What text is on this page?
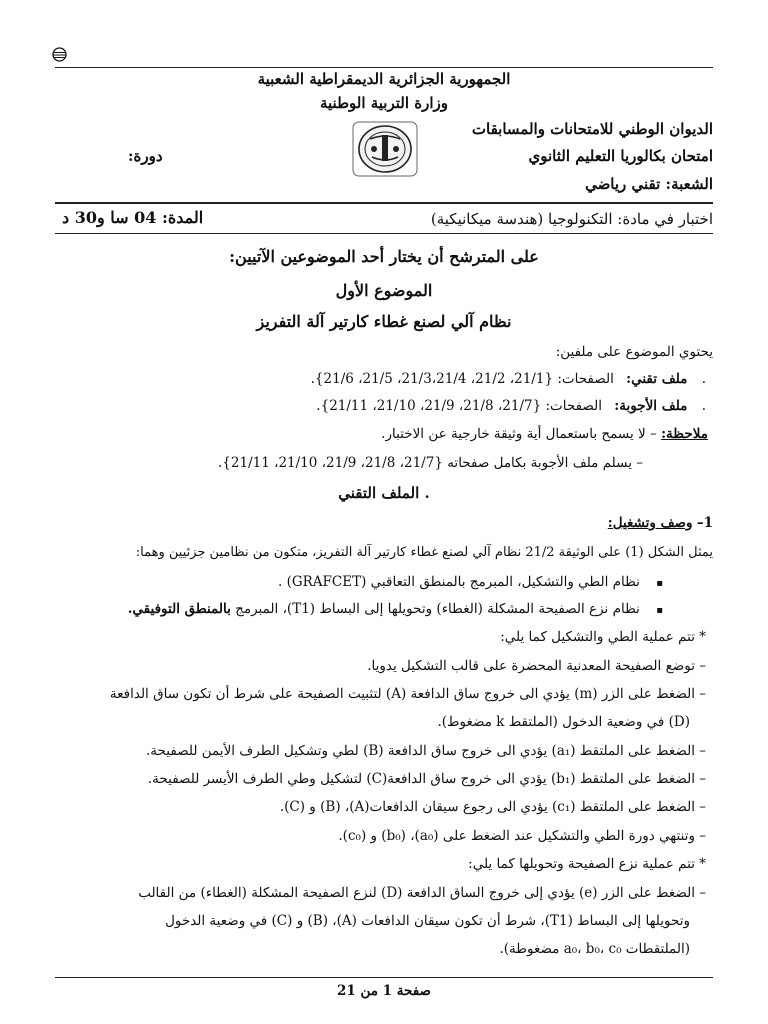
الجمهورية الجزائرية الديمقراطية الشعبية
وزارة التربية الوطنية
الديوان الوطني للامتحانات والمسابقات
امتحان بكالوريا التعليم الثانوي
الشعبة: تقني رياضي
دورة:
اختبار في مادة: التكنولوجيا (هندسة ميكانيكية)
المدة: 04 سا و30 د
على المترشح أن يختار أحد الموضوعين الآتيين:
الموضوع الأول
نظام آلي لصنع غطاء كارتير آلة التفريز
يحتوي الموضوع على ملفين:
. ملف تقني: الصفحات: {21/1، 21/2، 21/3،21/4، 21/5، 21/6}.
. ملف الأجوبة: الصفحات: {21/7، 21/8، 21/9، 21/10، 21/11}.
ملاحظة: – لا يسمح باستعمال أية وثيقة خارجية عن الاختبار.
– يسلم ملف الأجوبة بكامل صفحاته {21/7، 21/8، 21/9، 21/10، 21/11}.
. الملف التقني
1– وصف وتشغيل:
يمثل الشكل (1) على الوثيقة 21/2 نظام آلي لصنع غطاء كارتير آلة التفريز، متكون من نظامين جزئيين وهما:
▪ نظام الطي والتشكيل، المبرمج بالمنطق التعاقبي (GRAFCET) .
▪ نظام نزع الصفيحة المشكلة (الغطاء) وتحويلها إلى البساط (T1)، المبرمج بالمنطق التوفيقي.
* تتم عملية الطي والتشكيل كما يلي:
– توضع الصفيحة المعدنية المحضرة على قالب التشكيل يدويا.
– الضغط على الزر (m) يؤدي الى خروج ساق الدافعة (A) لتثبيت الصفيحة على شرط أن تكون ساق الدافعة
(D) في وضعية الدخول (الملتقط k مضغوط).
– الضغط على الملتقط (a₁) يؤدي الى خروج ساق الدافعة (B) لطي وتشكيل الطرف الأيمن للصفيحة.
– الضغط على الملتقط (b₁) يؤدي الى خروج ساق الدافعة(C) لتشكيل وطي الطرف الأيسر للصفيحة.
– الضغط على الملتقط (c₁) يؤدي الى رجوع سيقان الدافعات(A)، (B) و (C).
– وتنتهي دورة الطي والتشكيل عند الضغط على (a₀)، (b₀) و (c₀).
* تتم عملية نزع الصفيحة وتحويلها كما يلي:
– الضغط على الزر (e) يؤدي إلى خروج الساق الدافعة (D) لنزع الصفيحة المشكلة (الغطاء) من القالب
وتحويلها إلى البساط (T1)، شرط أن تكون سيقان الدافعات (A)، (B) و (C) في وضعية الدخول
(الملتقطات a₀، b₀، c₀ مضغوطة).
صفحة 1 من 21
